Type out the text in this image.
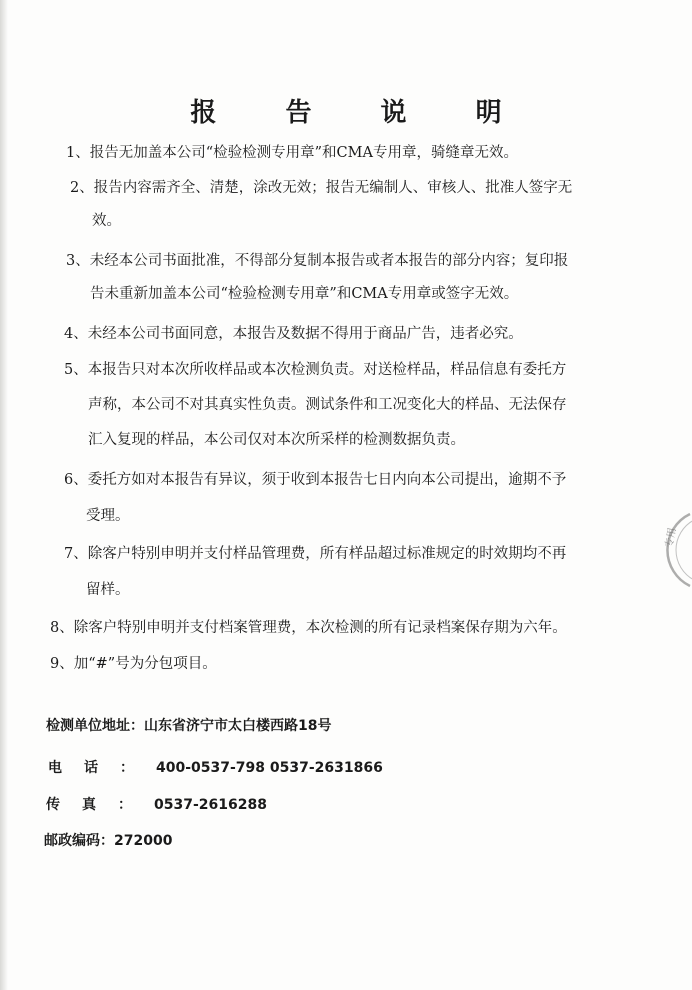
报 告 说 明
1、报告无加盖本公司“检验检测专用章”和CMA专用章，骑缝章无效。
2、报告内容需齐全、清楚，涂改无效；报告无编制人、审核人、批准人签字无
效。
3、未经本公司书面批准，不得部分复制本报告或者本报告的部分内容；复印报
告未重新加盖本公司“检验检测专用章”和CMA专用章或签字无效。
4、未经本公司书面同意，本报告及数据不得用于商品广告，违者必究。
5、本报告只对本次所收样品或本次检测负责。对送检样品，样品信息有委托方
声称，本公司不对其真实性负责。测试条件和工况变化大的样品、无法保存
汇入复现的样品，本公司仅对本次所采样的检测数据负责。
6、委托方如对本报告有异议，须于收到本报告七日内向本公司提出，逾期不予
受理。
7、除客户特别申明并支付样品管理费，所有样品超过标准规定的时效期均不再
留样。
8、除客户特别申明并支付档案管理费，本次检测的所有记录档案保存期为六年。
9、加“#”号为分包项目。
检测单位地址：山东省济宁市太白楼西路18号
电话：400-0537-798 0537-2631866
传真：0537-2616288
邮政编码：272000
专用
